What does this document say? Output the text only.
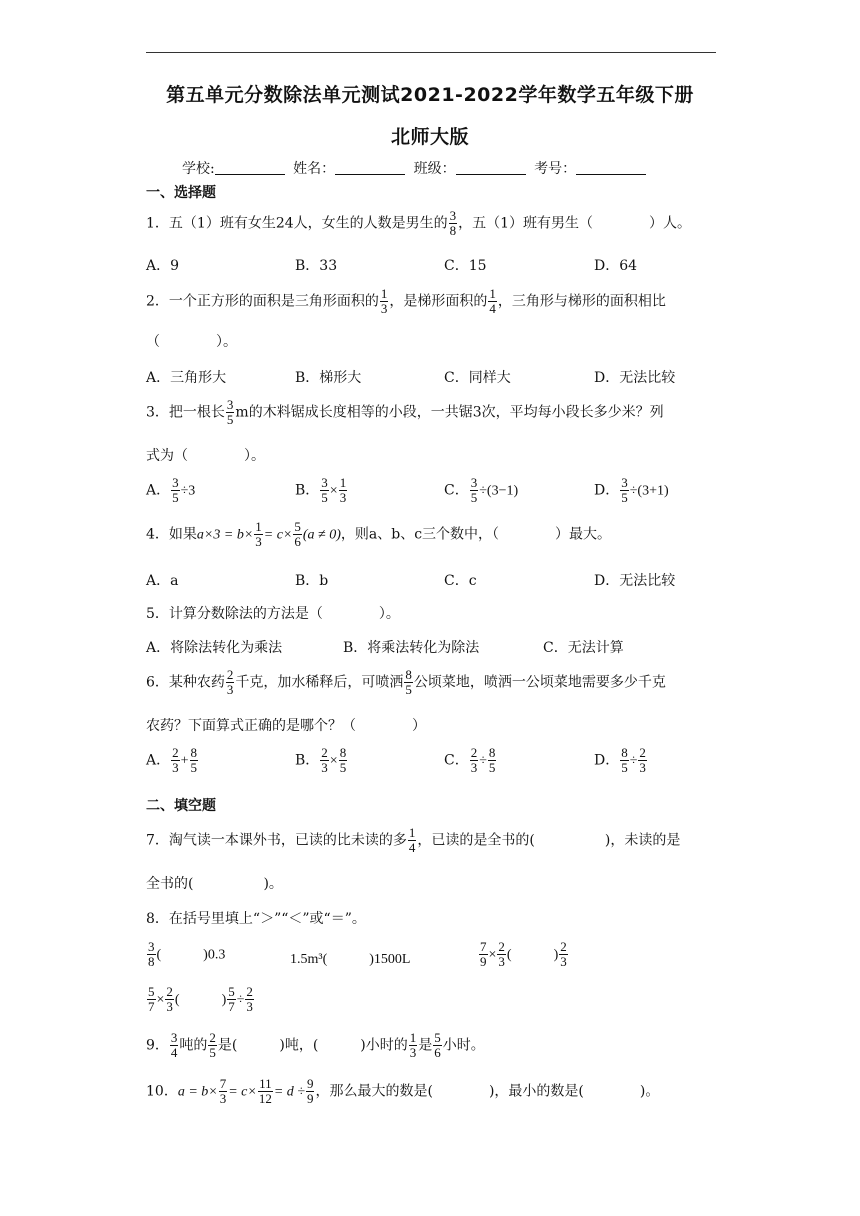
第五单元分数除法单元测试2021-2022学年数学五年级下册
北师大版
学校:	姓名：	班级：	考号：
一、选择题
1．五（1）班有女生24人，女生的人数是男生的 $\frac{3}{8}$ ，五（1）班有男生（　　　　）人。
A．9	B．33	C．15	D．64
2．一个正方形的面积是三角形面积的 $\frac{1}{3}$ ，是梯形面积的 $\frac{1}{4}$ ，三角形与梯形的面积相比
（　　　　）。
A．三角形大	B．梯形大	C．同样大	D．无法比较
3．把一根长 $\frac{3}{5}$ m的木料锯成长度相等的小段，一共锯3次，平均每小段长多少米？列
式为（　　　　）。
A． $\frac{3}{5} \div 3$	B． $\frac{3}{5} \times \frac{1}{3}$	C． $\frac{3}{5} \div(3-1)$	D． $\frac{3}{5} \div(3+1)$
4．如果$a\times 3 = b\times \frac{1}{3} = c\times \frac{5}{6} (a \ne 0)$，则a、b、c三个数中，（　　　　）最大。
A．a	B．b	C．c	D．无法比较
5．计算分数除法的方法是（　　　　）。
A．将除法转化为乘法	B．将乘法转化为除法	C．无法计算
6．某种农药 $\frac{2}{3}$ 千克，加水稀释后，可喷洒 $\frac{8}{5}$ 公顷菜地，喷洒一公顷菜地需要多少千克
农药？下面算式正确的是哪个？（　　　　）
A． $\frac{2}{3} + \frac{8}{5}$	B． $\frac{2}{3} \times \frac{8}{5}$	C． $\frac{2}{3} \div \frac{8}{5}$	D． $\frac{8}{5} \div \frac{2}{3}$
二、填空题
7．淘气读一本课外书，已读的比未读的多 $\frac{1}{4}$ ，已读的是全书的(　　　　　)，未读的是
全书的(　　　　　)。
8．在括号里填上“＞”“＜”或“＝”。
$\frac{3}{8}$ (　　　)0.3	1.5m³(　　　)1500L	$\frac{7}{9} \times \frac{2}{3}$ (　　　) $\frac{2}{3}$
$\frac{5}{7} \times \frac{2}{3}$ (　　　) $\frac{5}{7} \div \frac{2}{3}$
9． $\frac{3}{4}$ 吨的 $\frac{2}{5}$ 是(　　　)吨，(　　　)小时的 $\frac{1}{3}$ 是 $\frac{5}{6}$ 小时。
10．$a = b\times \frac{7}{3} = c\times \frac{11}{12} = d \div \frac{9}{9}$ ，那么最大的数是(　　　　)，最小的数是(　　　　)。
